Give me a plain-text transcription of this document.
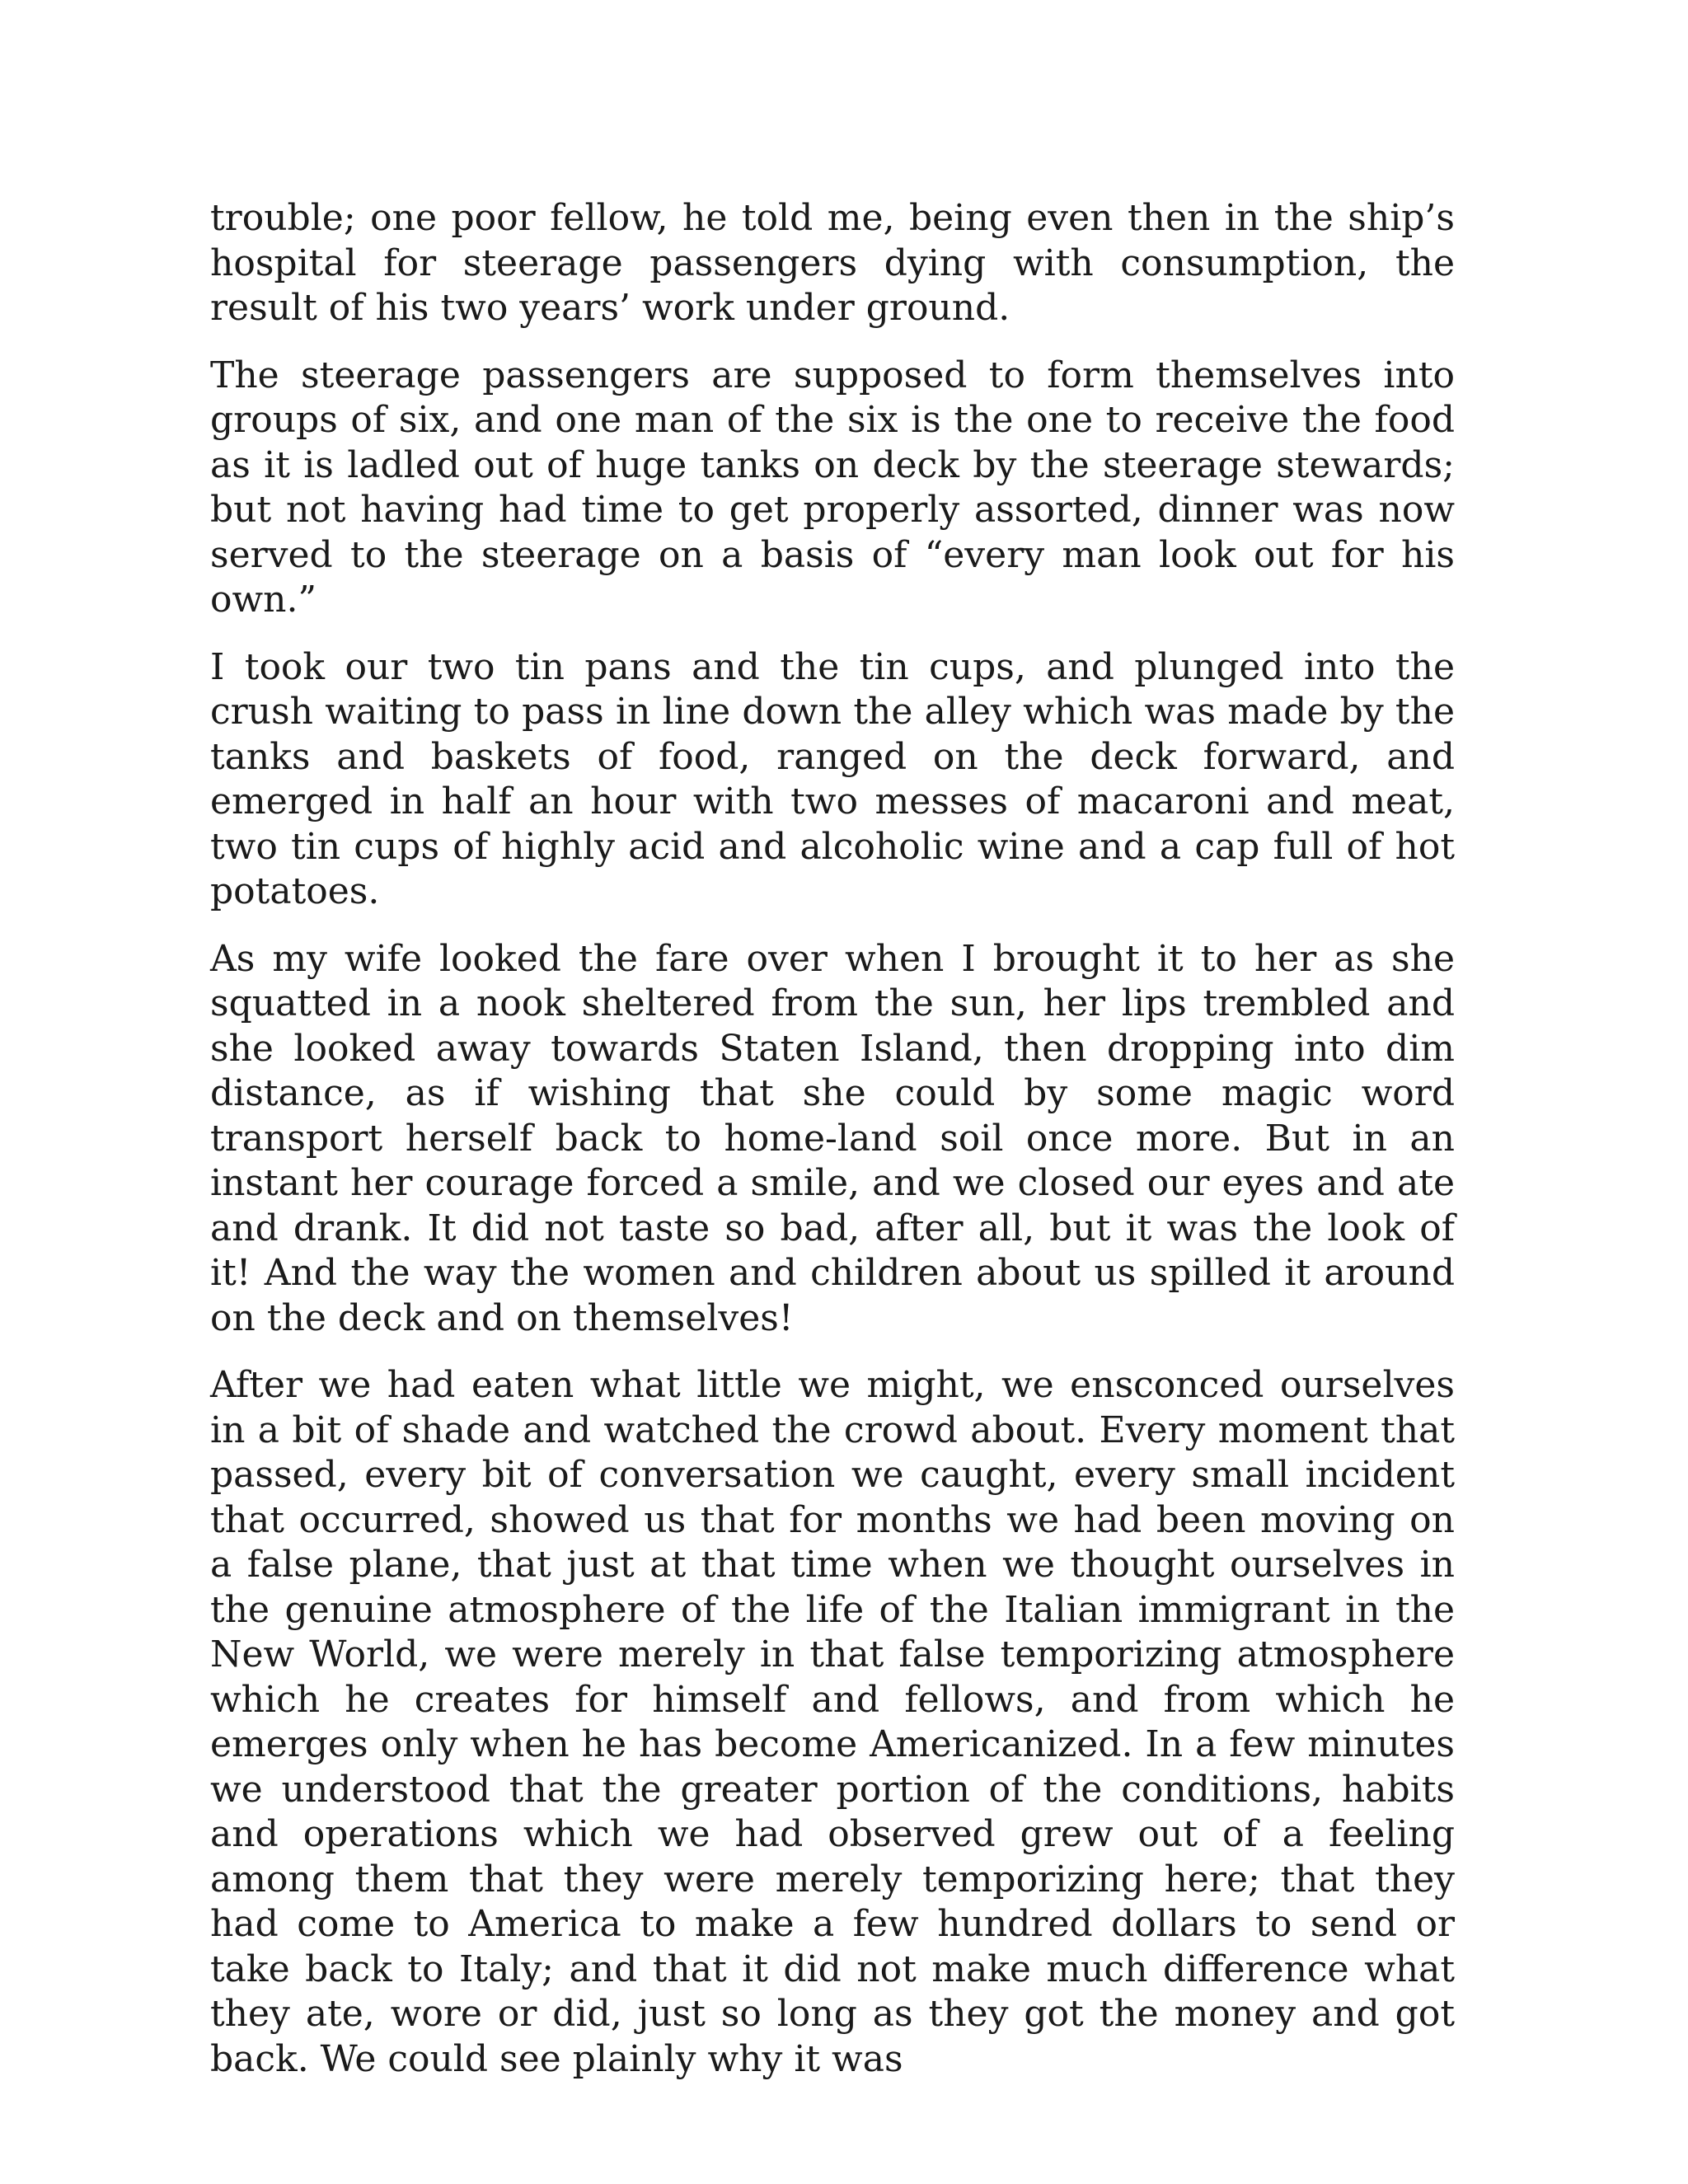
trouble; one poor fellow, he told me, being even then in the ship’s hospital for steerage passengers dying with consumption, the result of his two years’ work under ground.

The steerage passengers are supposed to form themselves into groups of six, and one man of the six is the one to receive the food as it is ladled out of huge tanks on deck by the steerage stewards; but not having had time to get properly assorted, dinner was now served to the steerage on a basis of “every man look out for his own.”

I took our two tin pans and the tin cups, and plunged into the crush waiting to pass in line down the alley which was made by the tanks and baskets of food, ranged on the deck forward, and emerged in half an hour with two messes of macaroni and meat, two tin cups of highly acid and alcoholic wine and a cap full of hot potatoes.

As my wife looked the fare over when I brought it to her as she squatted in a nook sheltered from the sun, her lips trembled and she looked away towards Staten Island, then dropping into dim distance, as if wishing that she could by some magic word transport herself back to home-land soil once more. But in an instant her courage forced a smile, and we closed our eyes and ate and drank. It did not taste so bad, after all, but it was the look of it! And the way the women and children about us spilled it around on the deck and on themselves!

After we had eaten what little we might, we ensconced ourselves in a bit of shade and watched the crowd about. Every moment that passed, every bit of conversation we caught, every small incident that occurred, showed us that for months we had been moving on a false plane, that just at that time when we thought ourselves in the genuine atmosphere of the life of the Italian immigrant in the New World, we were merely in that false temporizing atmosphere which he creates for himself and fellows, and from which he emerges only when he has become Americanized. In a few minutes we understood that the greater portion of the conditions, habits and operations which we had observed grew out of a feeling among them that they were merely temporizing here; that they had come to America to make a few hundred dollars to send or take back to Italy; and that it did not make much difference what they ate, wore or did, just so long as they got the money and got back. We could see plainly why it was
